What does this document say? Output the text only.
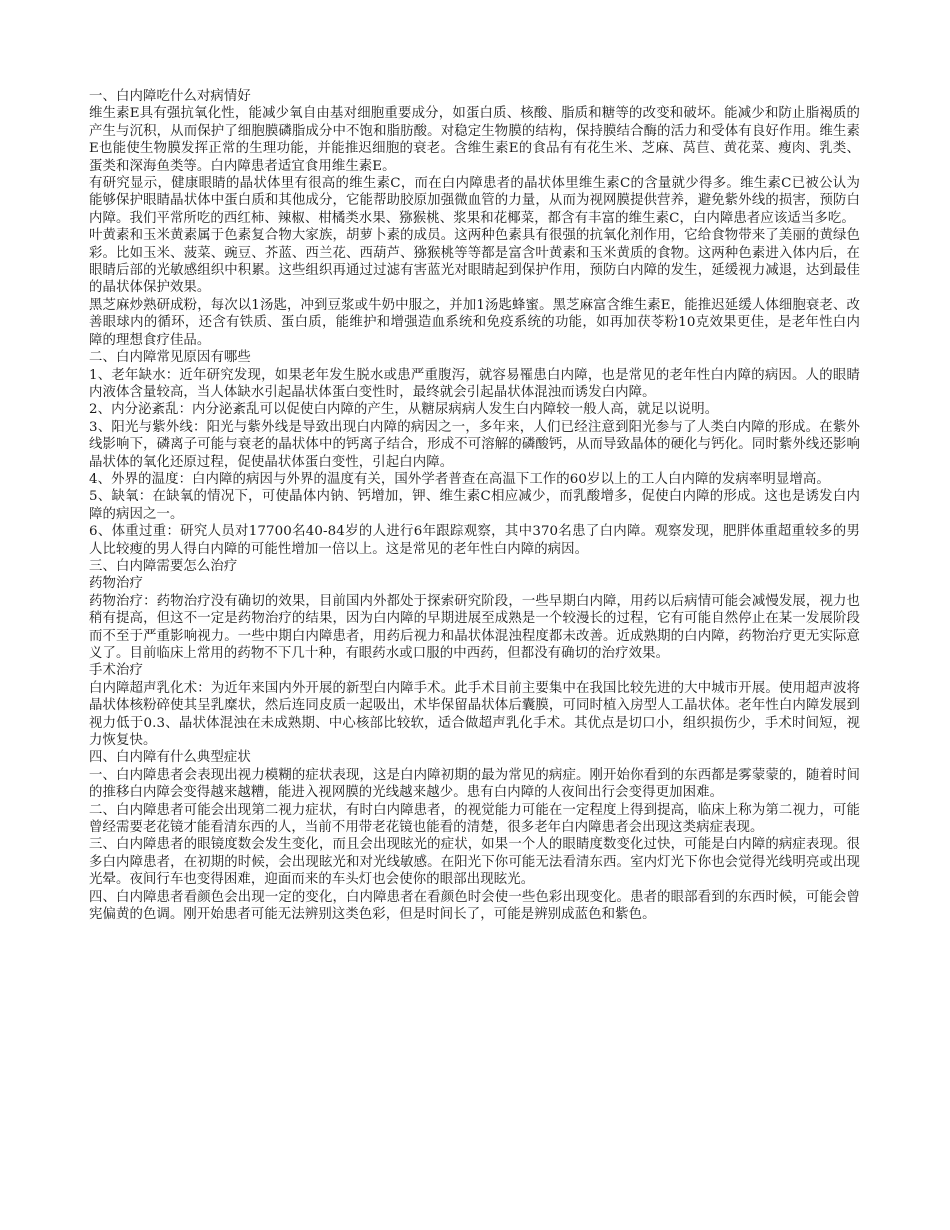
一、白内障吃什么对病情好

维生素E具有强抗氧化性，能减少氧自由基对细胞重要成分，如蛋白质、核酸、脂质和糖等的改变和破坏。能减少和防止脂褐质的产生与沉积，从而保护了细胞膜磷脂成分中不饱和脂肪酸。对稳定生物膜的结构，保持膜结合酶的活力和受体有良好作用。维生素E也能使生物膜发挥正常的生理功能，并能推迟细胞的衰老。含维生素E的食品有有花生米、芝麻、莴苣、黄花菜、瘦肉、乳类、蛋类和深海鱼类等。白内障患者适宜食用维生素E。

有研究显示，健康眼睛的晶状体里有很高的维生素C，而在白内障患者的晶状体里维生素C的含量就少得多。维生素C已被公认为能够保护眼睛晶状体中蛋白质和其他成分，它能帮助胶原加强微血管的力量，从而为视网膜提供营养，避免紫外线的损害，预防白内障。我们平常所吃的西红柿、辣椒、柑橘类水果、猕猴桃、浆果和花椰菜，都含有丰富的维生素C，白内障患者应该适当多吃。

叶黄素和玉米黄素属于色素复合物大家族，胡萝卜素的成员。这两种色素具有很强的抗氧化剂作用，它给食物带来了美丽的黄绿色彩。比如玉米、菠菜、豌豆、芥蓝、西兰花、西葫芦、猕猴桃等等都是富含叶黄素和玉米黄质的食物。这两种色素进入体内后，在眼睛后部的光敏感组织中积累。这些组织再通过过滤有害蓝光对眼睛起到保护作用，预防白内障的发生，延缓视力减退，达到最佳的晶状体保护效果。

黑芝麻炒熟研成粉，每次以1汤匙，冲到豆浆或牛奶中服之，并加1汤匙蜂蜜。黑芝麻富含维生素E，能推迟延缓人体细胞衰老、改善眼球内的循环，还含有铁质、蛋白质，能维护和增强造血系统和免疫系统的功能，如再加茯苓粉10克效果更佳，是老年性白内障的理想食疗佳品。

二、白内障常见原因有哪些

1、老年缺水：近年研究发现，如果老年发生脱水或患严重腹泻，就容易罹患白内障，也是常见的老年性白内障的病因。人的眼睛内液体含量较高，当人体缺水引起晶状体蛋白变性时，最终就会引起晶状体混浊而诱发白内障。

2、内分泌紊乱：内分泌紊乱可以促使白内障的产生，从糖尿病病人发生白内障较一般人高，就足以说明。

3、阳光与紫外线：阳光与紫外线是导致出现白内障的病因之一，多年来，人们已经注意到阳光参与了人类白内障的形成。在紫外线影响下，磷离子可能与衰老的晶状体中的钙离子结合，形成不可溶解的磷酸钙，从而导致晶体的硬化与钙化。同时紫外线还影响晶状体的氧化还原过程，促使晶状体蛋白变性，引起白内障。

4、外界的温度：白内障的病因与外界的温度有关，国外学者普查在高温下工作的60岁以上的工人白内障的发病率明显增高。

5、缺氧：在缺氧的情况下，可使晶体内钠、钙增加，钾、维生素C相应减少，而乳酸增多，促使白内障的形成。这也是诱发白内障的病因之一。

6、体重过重：研究人员对17700名40-84岁的人进行6年跟踪观察，其中370名患了白内障。观察发现，肥胖体重超重较多的男人比较瘦的男人得白内障的可能性增加一倍以上。这是常见的老年性白内障的病因。

三、白内障需要怎么治疗

药物治疗

药物治疗：药物治疗没有确切的效果，目前国内外都处于探索研究阶段，一些早期白内障，用药以后病情可能会减慢发展，视力也稍有提高，但这不一定是药物治疗的结果，因为白内障的早期进展至成熟是一个较漫长的过程，它有可能自然停止在某一发展阶段而不至于严重影响视力。一些中期白内障患者，用药后视力和晶状体混浊程度都未改善。近成熟期的白内障，药物治疗更无实际意义了。目前临床上常用的药物不下几十种，有眼药水或口服的中西药，但都没有确切的治疗效果。

手术治疗

白内障超声乳化术：为近年来国内外开展的新型白内障手术。此手术目前主要集中在我国比较先进的大中城市开展。使用超声波将晶状体核粉碎使其呈乳糜状，然后连同皮质一起吸出，术毕保留晶状体后囊膜，可同时植入房型人工晶状体。老年性白内障发展到视力低于0.3、晶状体混浊在未成熟期、中心核部比较软，适合做超声乳化手术。其优点是切口小，组织损伤少，手术时间短，视力恢复快。

四、白内障有什么典型症状

一、白内障患者会表现出视力模糊的症状表现，这是白内障初期的最为常见的病症。刚开始你看到的东西都是雾蒙蒙的，随着时间的推移白内障会变得越来越糟，能进入视网膜的光线越来越少。患有白内障的人夜间出行会变得更加困难。

二、白内障患者可能会出现第二视力症状，有时白内障患者，的视觉能力可能在一定程度上得到提高，临床上称为第二视力，可能曾经需要老花镜才能看清东西的人，当前不用带老花镜也能看的清楚，很多老年白内障患者会出现这类病症表现。

三、白内障患者的眼镜度数会发生变化，而且会出现眩光的症状，如果一个人的眼睛度数变化过快，可能是白内障的病症表现。很多白内障患者，在初期的时候，会出现眩光和对光线敏感。在阳光下你可能无法看清东西。室内灯光下你也会觉得光线明亮或出现光晕。夜间行车也变得困难，迎面而来的车头灯也会使你的眼部出现眩光。

四、白内障患者看颜色会出现一定的变化，白内障患者在看颜色时会使一些色彩出现变化。患者的眼部看到的东西时候，可能会曾宪偏黄的色调。刚开始患者可能无法辨别这类色彩，但是时间长了，可能是辨别成蓝色和紫色。
